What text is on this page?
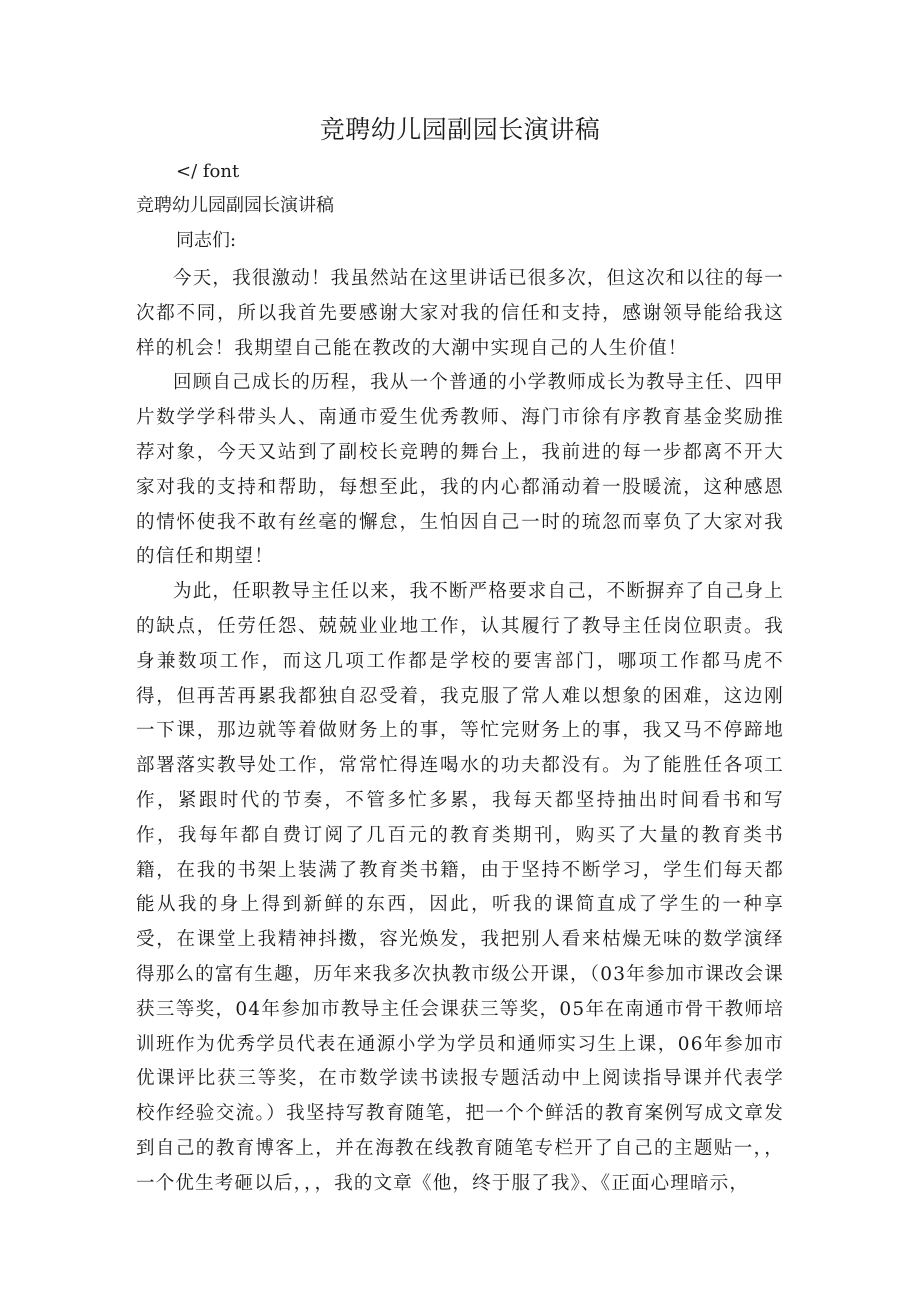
竞聘幼儿园副园长演讲稿
</ font
竞聘幼儿园副园长演讲稿
同志们:

今天，我很激动！我虽然站在这里讲话已很多次，但这次和以往的每一次都不同，所以我首先要感谢大家对我的信任和支持，感谢领导能给我这样的机会！我期望自己能在教改的大潮中实现自己的人生价值！

回顾自己成长的历程，我从一个普通的小学教师成长为教导主任、四甲片数学学科带头人、南通市爱生优秀教师、海门市徐有序教育基金奖励推荐对象，今天又站到了副校长竞聘的舞台上，我前进的每一步都离不开大家对我的支持和帮助，每想至此，我的内心都涌动着一股暖流，这种感恩的情怀使我不敢有丝毫的懈怠，生怕因自己一时的琉忽而辜负了大家对我的信任和期望！

为此，任职教导主任以来，我不断严格要求自己，不断摒弃了自己身上的缺点，任劳任怨、兢兢业业地工作，认其履行了教导主任岗位职责。我身兼数项工作，而这几项工作都是学校的要害部门，哪项工作都马虎不得，但再苦再累我都独自忍受着，我克服了常人难以想象的困难，这边刚一下课，那边就等着做财务上的事，等忙完财务上的事，我又马不停蹄地部署落实教导处工作，常常忙得连喝水的功夫都没有。为了能胜任各项工作，紧跟时代的节奏，不管多忙多累，我每天都坚持抽出时间看书和写作，我每年都自费订阅了几百元的教育类期刊，购买了大量的教育类书籍，在我的书架上装满了教育类书籍，由于坚持不断学习，学生们每天都能从我的身上得到新鲜的东西，因此，听我的课简直成了学生的一种享受，在课堂上我精神抖擞，容光焕发，我把别人看来枯燥无味的数学演绎得那么的富有生趣，历年来我多次执教市级公开课，（03年参加市课改会课获三等奖，04年参加市教导主任会课获三等奖，05年在南通市骨干教师培训班作为优秀学员代表在通源小学为学员和通师实习生上课，06年参加市优课评比获三等奖，在市数学读书读报专题活动中上阅读指导课并代表学校作经验交流。）我坚持写教育随笔，把一个个鲜活的教育案例写成文章发到自己的教育博客上，并在海教在线教育随笔专栏开了自己的主题贴一，，一个优生考砸以后，，，我的文章《他，终于服了我》、《正面心理暗示，
